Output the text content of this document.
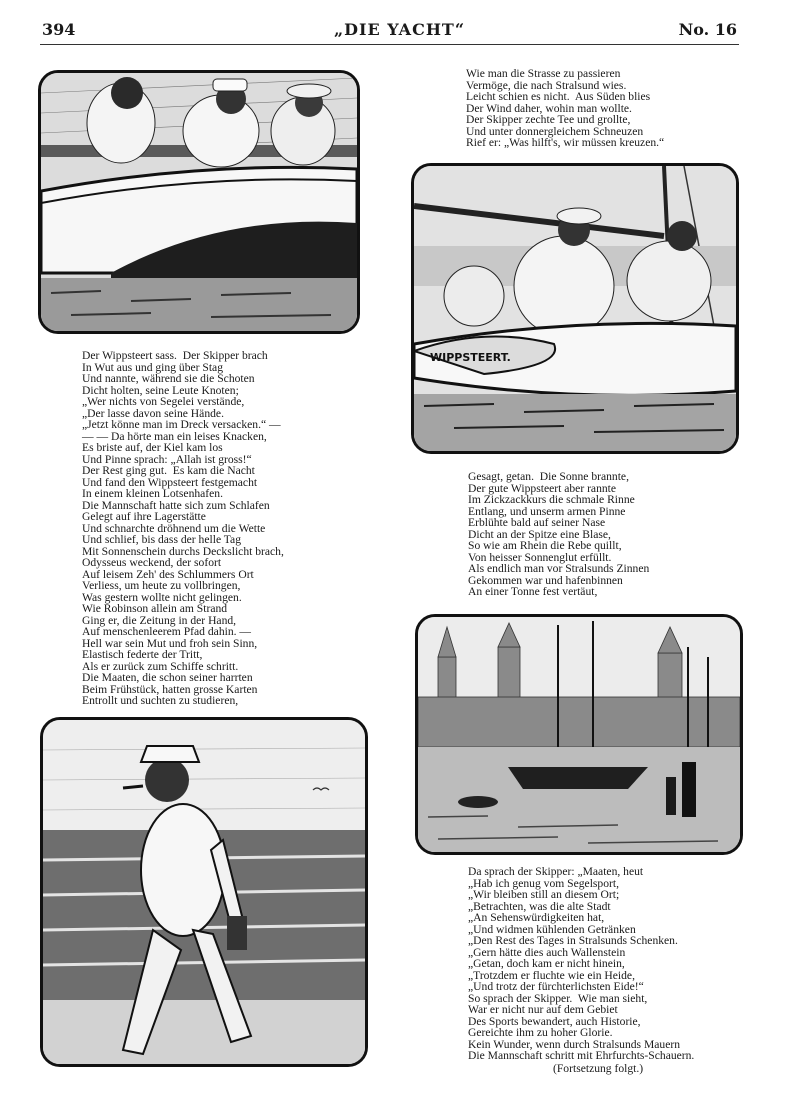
394	„DIE YACHT“	No. 16
WIPPSTEERT.
Wie man die Strasse zu passieren
Vermöge, die nach Stralsund wies.
Leicht schien es nicht.  Aus Süden blies
Der Wind daher, wohin man wollte.
Der Skipper zechte Tee und grollte,
Und unter donnergleichem Schneuzen
Rief er: „Was hilft's, wir müssen kreuzen.“
Der Wippsteert sass.  Der Skipper brach
In Wut aus und ging über Stag
Und nannte, während sie die Schoten
Dicht holten, seine Leute Knoten;
„Wer nichts von Segelei verstände,
„Der lasse davon seine Hände.
„Jetzt könne man im Dreck versacken.“ —
— — Da hörte man ein leises Knacken,
Es briste auf, der Kiel kam los
Und Pinne sprach: „Allah ist gross!“
Der Rest ging gut.  Es kam die Nacht
Und fand den Wippsteert festgemacht
In einem kleinen Lotsenhafen.
Die Mannschaft hatte sich zum Schlafen
Gelegt auf ihre Lagerstätte
Und schnarchte dröhnend um die Wette
Und schlief, bis dass der helle Tag
Mit Sonnenschein durchs Deckslicht brach,
Odysseus weckend, der sofort
Auf leisem Zeh' des Schlummers Ort
Verliess, um heute zu vollbringen,
Was gestern wollte nicht gelingen.
Wie Robinson allein am Strand
Ging er, die Zeitung in der Hand,
Auf menschenleerem Pfad dahin. —
Hell war sein Mut und froh sein Sinn,
Elastisch federte der Tritt,
Als er zurück zum Schiffe schritt.
Die Maaten, die schon seiner harrten
Beim Frühstück, hatten grosse Karten
Entrollt und suchten zu studieren,
Gesagt, getan.  Die Sonne brannte,
Der gute Wippsteert aber rannte
Im Zickzackkurs die schmale Rinne
Entlang, und unserm armen Pinne
Erblühte bald auf seiner Nase
Dicht an der Spitze eine Blase,
So wie am Rhein die Rebe quillt,
Von heisser Sonnenglut erfüllt.
Als endlich man vor Stralsunds Zinnen
Gekommen war und hafenbinnen
An einer Tonne fest vertäut,
Da sprach der Skipper: „Maaten, heut
„Hab ich genug vom Segelsport,
„Wir bleiben still an diesem Ort;
„Betrachten, was die alte Stadt
„An Sehenswürdigkeiten hat,
„Und widmen kühlenden Getränken
„Den Rest des Tages in Stralsunds Schenken.
„Gern hätte dies auch Wallenstein
„Getan, doch kam er nicht hinein,
„Trotzdem er fluchte wie ein Heide,
„Und trotz der fürchterlichsten Eide!“
So sprach der Skipper.  Wie man sieht,
War er nicht nur auf dem Gebiet
Des Sports bewandert, auch Historie,
Gereichte ihm zu hoher Glorie.
Kein Wunder, wenn durch Stralsunds Mauern
Die Mannschaft schritt mit Ehrfurchts-Schauern.
(Fortsetzung folgt.)
